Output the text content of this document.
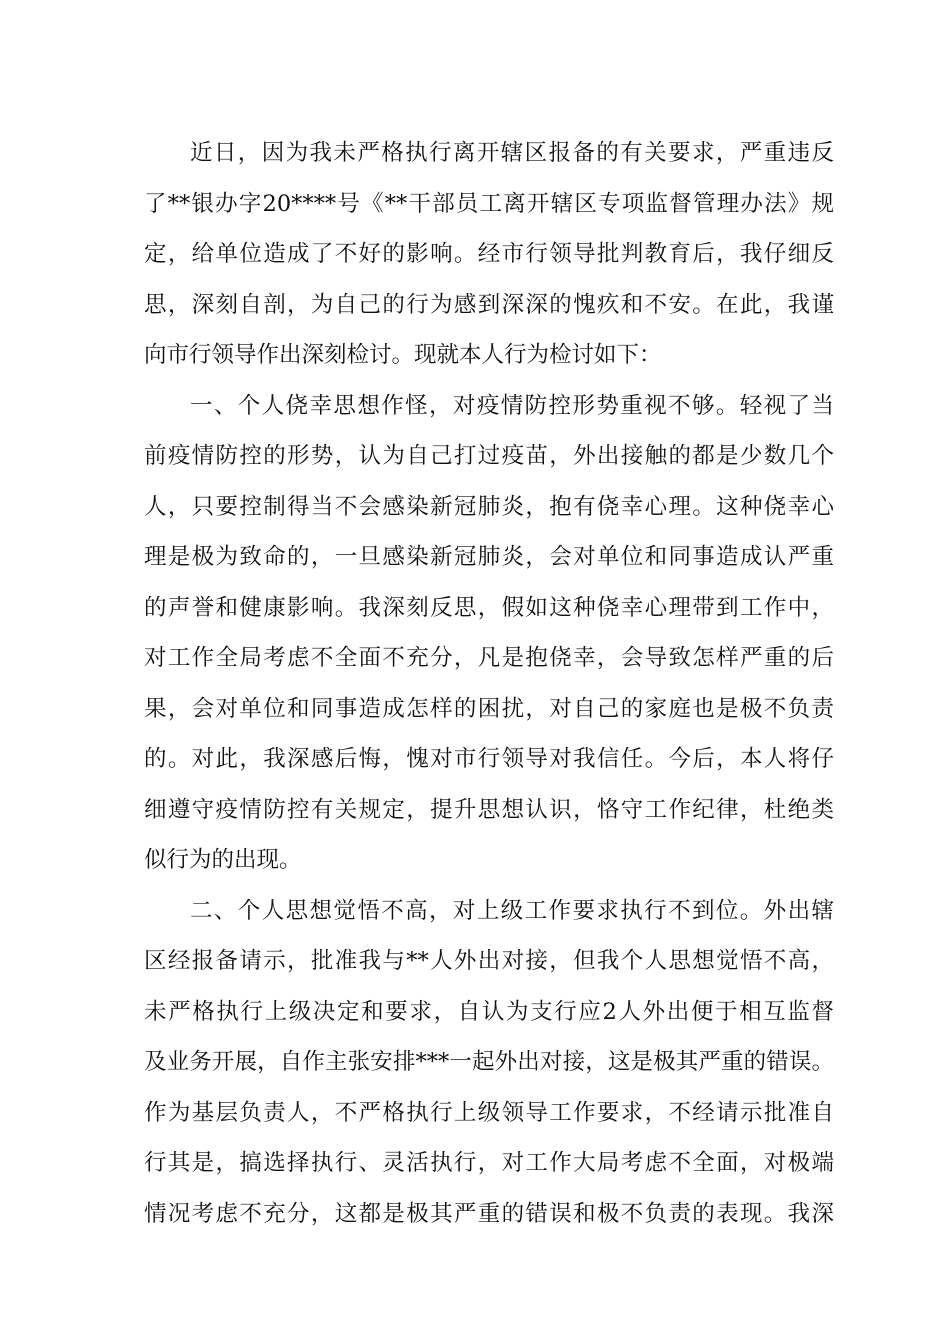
近日，因为我未严格执行离开辖区报备的有关要求，严重违反
了**银办字20****号《**干部员工离开辖区专项监督管理办法》规
定，给单位造成了不好的影响。经市行领导批判教育后，我仔细反
思，深刻自剖，为自己的行为感到深深的愧疚和不安。在此，我谨
向市行领导作出深刻检讨。现就本人行为检讨如下：

一、个人侥幸思想作怪，对疫情防控形势重视不够。轻视了当
前疫情防控的形势，认为自己打过疫苗，外出接触的都是少数几个
人，只要控制得当不会感染新冠肺炎，抱有侥幸心理。这种侥幸心
理是极为致命的，一旦感染新冠肺炎，会对单位和同事造成认严重
的声誉和健康影响。我深刻反思，假如这种侥幸心理带到工作中，
对工作全局考虑不全面不充分，凡是抱侥幸，会导致怎样严重的后
果，会对单位和同事造成怎样的困扰，对自己的家庭也是极不负责
的。对此，我深感后悔，愧对市行领导对我信任。今后，本人将仔
细遵守疫情防控有关规定，提升思想认识，恪守工作纪律，杜绝类
似行为的出现。

二、个人思想觉悟不高，对上级工作要求执行不到位。外出辖
区经报备请示，批准我与**人外出对接，但我个人思想觉悟不高，
未严格执行上级决定和要求，自认为支行应2人外出便于相互监督
及业务开展，自作主张安排***一起外出对接，这是极其严重的错误。
作为基层负责人，不严格执行上级领导工作要求，不经请示批准自
行其是，搞选择执行、灵活执行，对工作大局考虑不全面，对极端
情况考虑不充分，这都是极其严重的错误和极不负责的表现。我深
